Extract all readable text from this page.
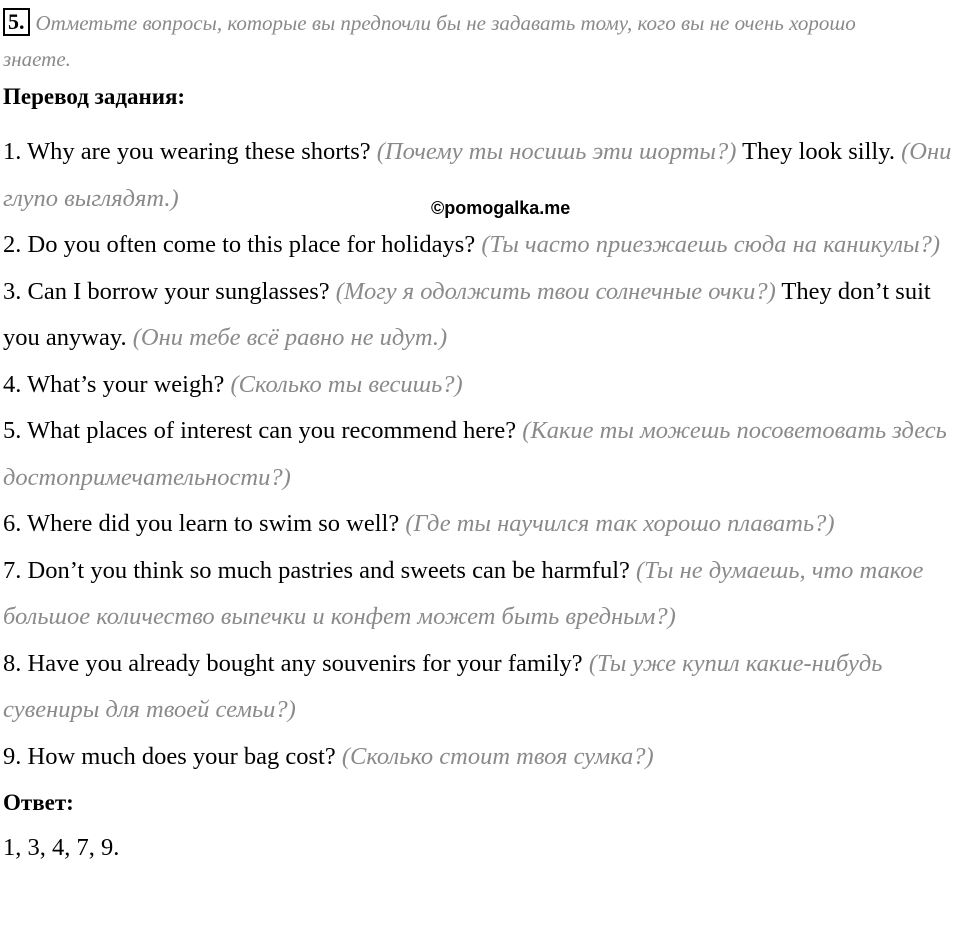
5. Отметьте вопросы, которые вы предпочли бы не задавать тому, кого вы не очень хорошо
знаете.

Перевод задания:

1. Why are you wearing these shorts? (Почему ты носишь эти шорты?) They look silly. (Они глупо выглядят.)
2. Do you often come to this place for holidays? (Ты часто приезжаешь сюда на каникулы?)
3. Can I borrow your sunglasses? (Могу я одолжить твои солнечные очки?) They don’t suit you anyway. (Они тебе всё равно не идут.)
4. What’s your weigh? (Сколько ты весишь?)
5. What places of interest can you recommend here? (Какие ты можешь посоветовать здесь достопримечательности?)
6. Where did you learn to swim so well? (Где ты научился так хорошо плавать?)
7. Don’t you think so much pastries and sweets can be harmful? (Ты не думаешь, что такое большое количество выпечки и конфет может быть вредным?)
8. Have you already bought any souvenirs for your family? (Ты уже купил какие-нибудь сувениры для твоей семьи?)
9. How much does your bag cost? (Сколько стоит твоя сумка?)

Ответ:

1, 3, 4, 7, 9.

©pomogalka.me
